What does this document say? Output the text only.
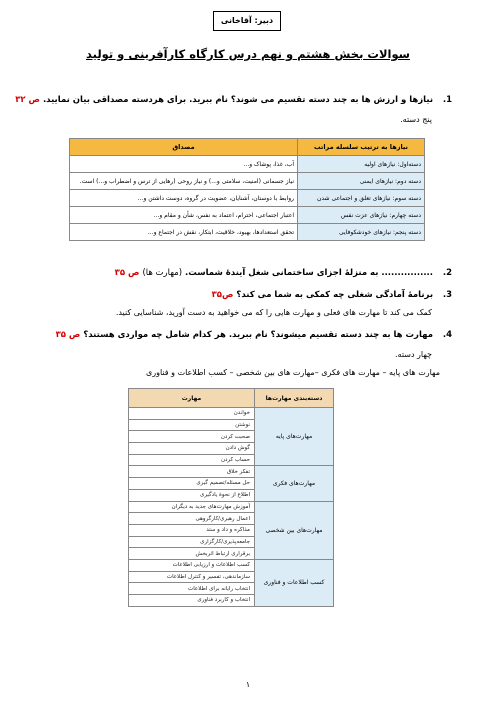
دبیر: آقاخانی
سوالات بخش هشتم و نهم درس کارگاه کارآفرینی و تولید
1. نیازها و ارزش ها به چند دسته تقسیم می شوند؟ نام ببرید. برای هردسته مصداقی بیان نمایید. ص ۳۲
پنج دسته.
نیازها به ترتیب سلسله مراتب	مصداق
دسته‌اول: نیازهای اولیه	آب، غذا، پوشاک و...
دسته دوم: نیازهای ایمنی	نیاز جسمانی (امنیت، سلامتی و...) و نیاز روحی (رهایی از ترس و اضطراب و...) است.
دسته سوم: نیازهای تعلق و اجتماعی شدن	روابط با دوستان، آشنایان، عضویت در گروه، دوست داشتن و...
دسته چهارم: نیازهای عزت نفس	اعتبار اجتماعی، احترام، اعتماد به نفس، شأن و مقام و...
دسته پنجم: نیازهای خودشکوفایی	تحقق استعدادها، بهبود، خلاقیت، ابتکار، نقش در اجتماع و...
2. ................ به منزلهٔ اجزای ساختمانی شغل آیندهٔ شماست. (مهارت ها) ص ۳۵
3. برنامهٔ آمادگی شغلی چه کمکی به شما می کند؟ ص۳۵
کمک می کند تا مهارت های فعلی و مهارت هایی را که می خواهید به دست آورید، شناسایی کنید.
4. مهارت ها به چند دسته تقسیم میشوند؟ نام ببرید. هر کدام شامل چه مواردی هستند؟ ص ۳۵
چهار دسته.
مهارت های پایه – مهارت های فکری –مهارت های بین شخصی – کسب اطلاعات و فناوری
دسته‌بندی مهارت‌ها	مهارت
مهارت‌های پایه	خواندن
	نوشتن
	صحبت کردن
	گوش دادن
	حساب کردن
مهارت‌های فکری	تفکر خلاق
	حل مسئله/تصمیم گیری
	اطلاع از نحوهٔ یادگیری
مهارت‌های بین شخصی	آموزش مهارت‌های جدید به دیگران
	اعمال رهبری/کارگروهی
	مذاکره و داد و ستد
	جامعه‌پذیری/کارگزاری
	برقراری ارتباط اثربخش
کسب اطلاعات و فناوری	کسب اطلاعات و ارزیابی اطلاعات
	سازماندهی، تفسیر و کنترل اطلاعات
	انتخاب رایانه برای اطلاعات
	انتخاب و کاربرد فناوری
۱
